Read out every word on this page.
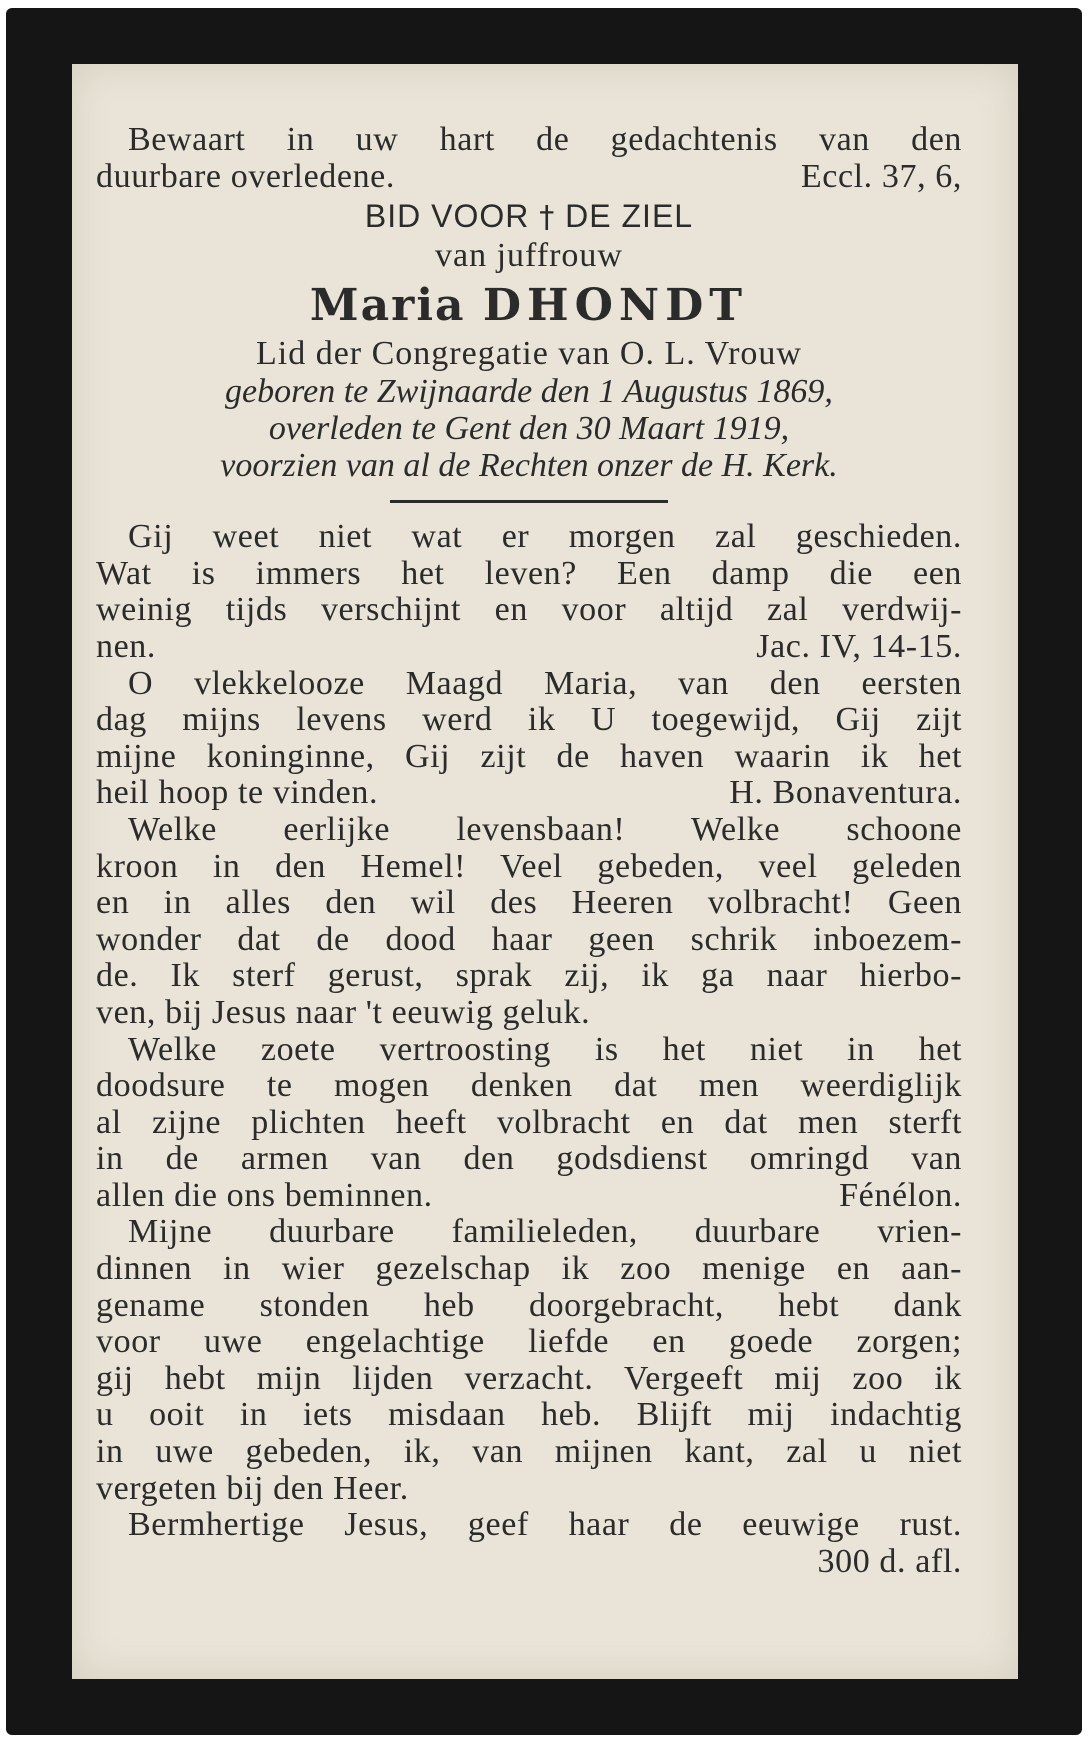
Bewaart in uw hart de gedachtenis van den
duurbare overledene.	Eccl. 37, 6,
BID VOOR † DE ZIEL
van juffrouw
Maria DHONDT
Lid der Congregatie van O. L. Vrouw
geboren te Zwijnaarde den 1 Augustus 1869,
overleden te Gent den 30 Maart 1919,
voorzien van al de Rechten onzer de H. Kerk.
Gij weet niet wat er morgen zal geschieden.
Wat is immers het leven? Een damp die een
weinig tijds verschijnt en voor altijd zal verdwij-
nen.	Jac. IV, 14-15.
O vlekkelooze Maagd Maria, van den eersten
dag mijns levens werd ik U toegewijd, Gij zijt
mijne koninginne, Gij zijt de haven waarin ik het
heil hoop te vinden.	H. Bonaventura.
Welke eerlijke levensbaan! Welke schoone
kroon in den Hemel! Veel gebeden, veel geleden
en in alles den wil des Heeren volbracht! Geen
wonder dat de dood haar geen schrik inboezem-
de. Ik sterf gerust, sprak zij, ik ga naar hierbo-
ven, bij Jesus naar 't eeuwig geluk.
Welke zoete vertroosting is het niet in het
doodsure te mogen denken dat men weerdiglijk
al zijne plichten heeft volbracht en dat men sterft
in de armen van den godsdienst omringd van
allen die ons beminnen.	Fénélon.
Mijne duurbare familieleden, duurbare vrien-
dinnen in wier gezelschap ik zoo menige en aan-
gename stonden heb doorgebracht, hebt dank
voor uwe engelachtige liefde en goede zorgen;
gij hebt mijn lijden verzacht. Vergeeft mij zoo ik
u ooit in iets misdaan heb. Blijft mij indachtig
in uwe gebeden, ik, van mijnen kant, zal u niet
vergeten bij den Heer.
Bermhertige Jesus, geef haar de eeuwige rust.
300 d. afl.
